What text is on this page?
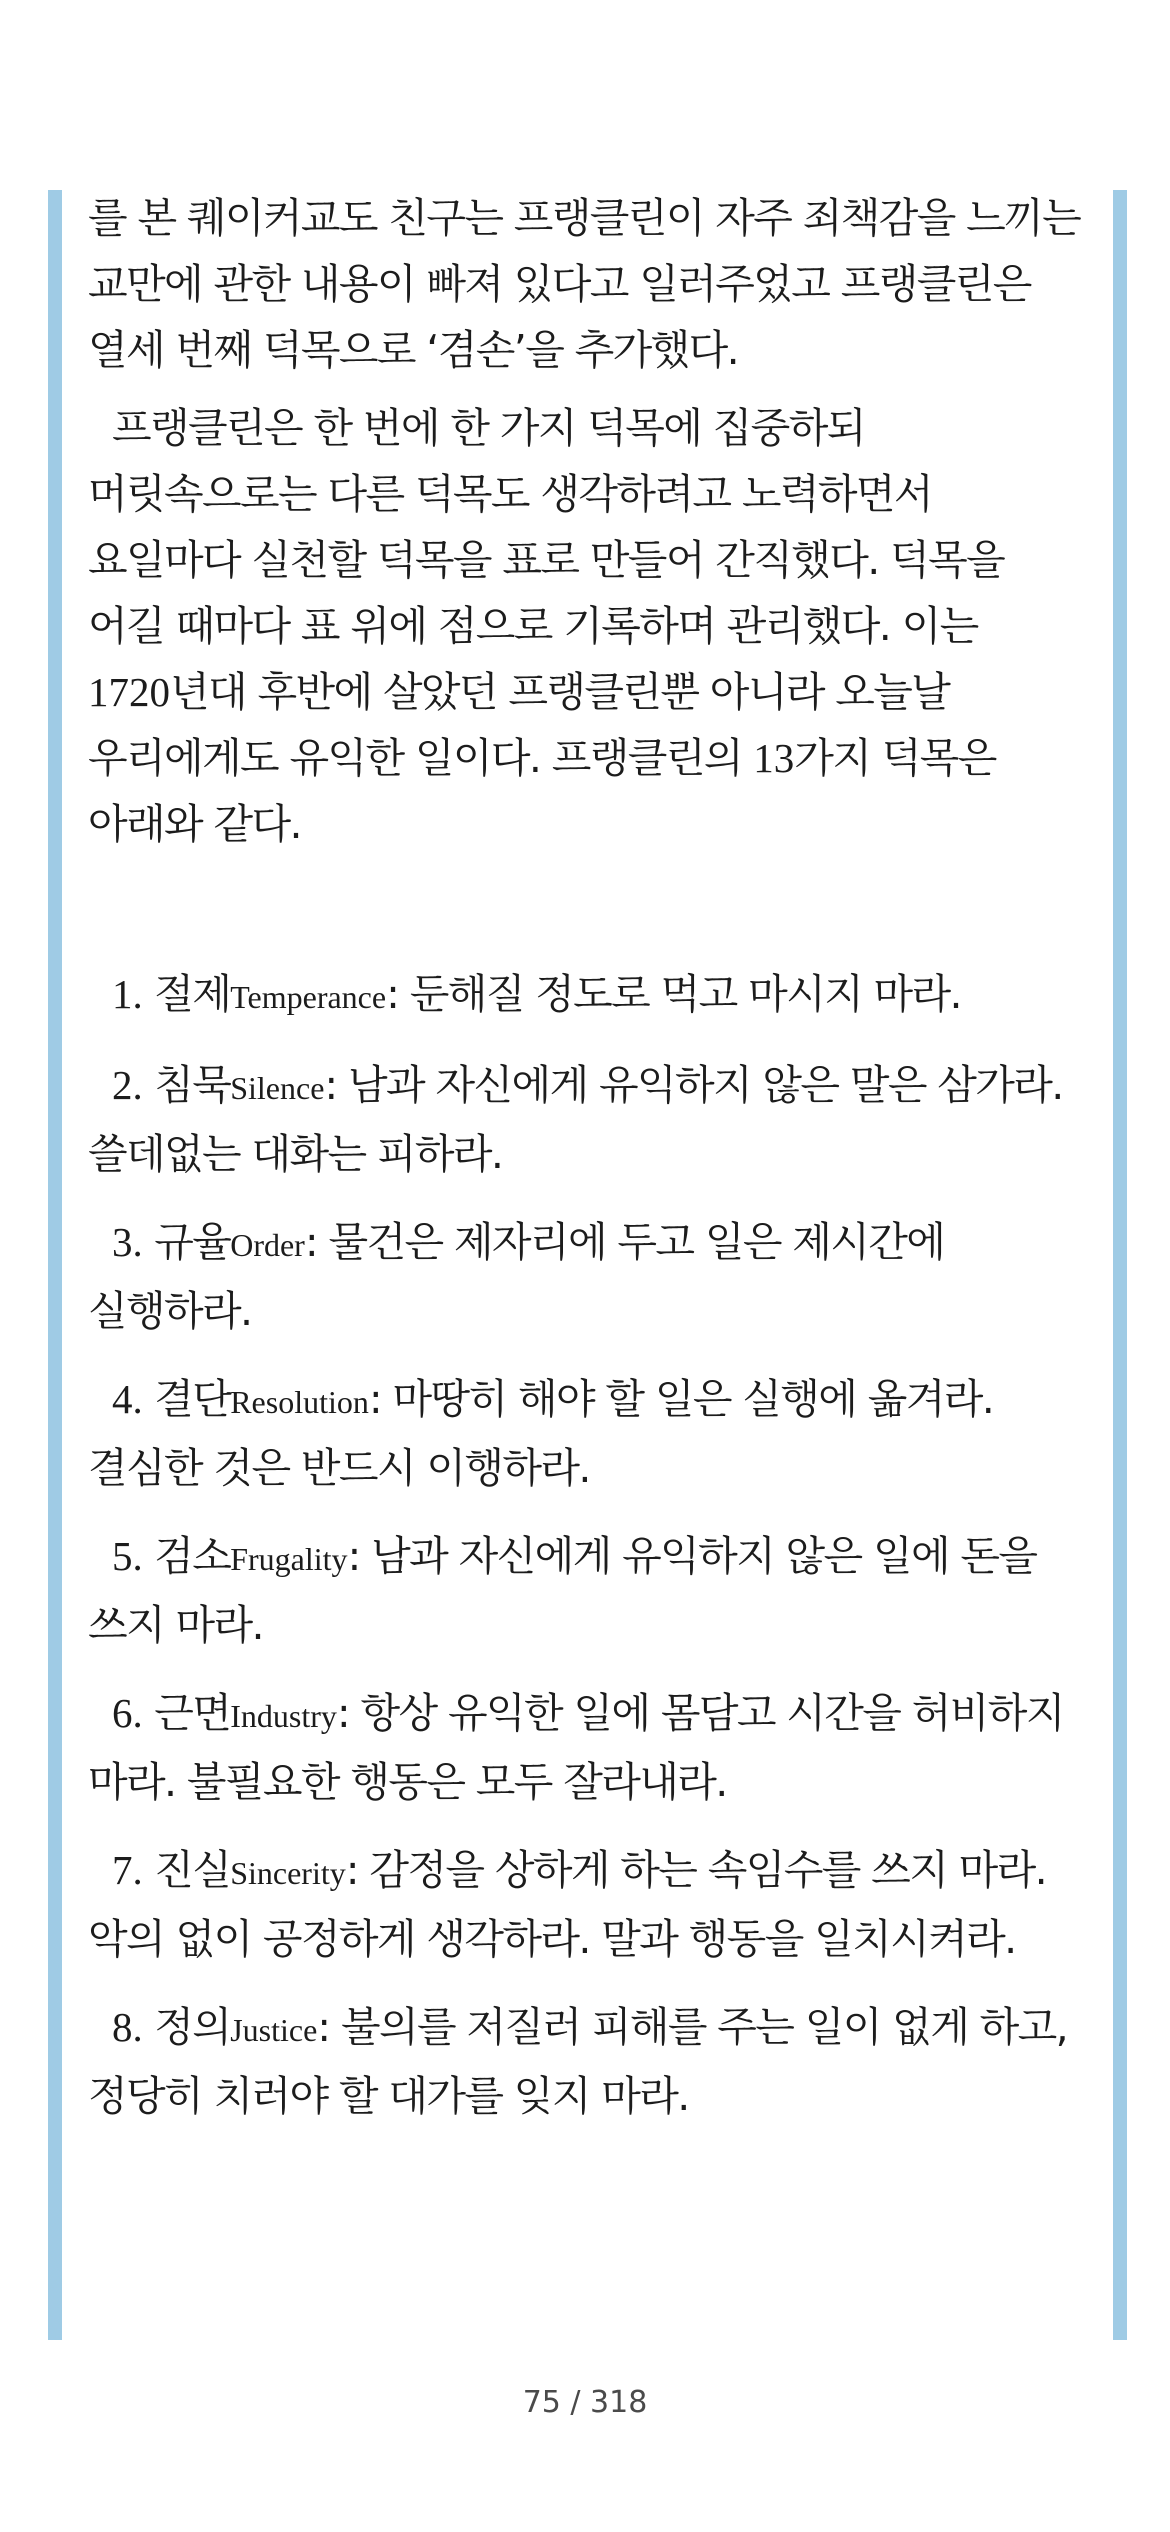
를 본 퀘이커교도 친구는 프랭클린이 자주 죄책감을 느끼는 교만에 관한 내용이 빠져 있다고 일러주었고 프랭클린은 열세 번째 덕목으로 ‘겸손’을 추가했다.

프랭클린은 한 번에 한 가지 덕목에 집중하되 머릿속으로는 다른 덕목도 생각하려고 노력하면서 요일마다 실천할 덕목을 표로 만들어 간직했다. 덕목을 어길 때마다 표 위에 점으로 기록하며 관리했다. 이는 1720년대 후반에 살았던 프랭클린뿐 아니라 오늘날 우리에게도 유익한 일이다. 프랭클린의 13가지 덕목은 아래와 같다.

1. 절제Temperance: 둔해질 정도로 먹고 마시지 마라.

2. 침묵Silence: 남과 자신에게 유익하지 않은 말은 삼가라. 쓸데없는 대화는 피하라.

3. 규율Order: 물건은 제자리에 두고 일은 제시간에 실행하라.

4. 결단Resolution: 마땅히 해야 할 일은 실행에 옮겨라. 결심한 것은 반드시 이행하라.

5. 검소Frugality: 남과 자신에게 유익하지 않은 일에 돈을 쓰지 마라.

6. 근면Industry: 항상 유익한 일에 몸담고 시간을 허비하지 마라. 불필요한 행동은 모두 잘라내라.

7. 진실Sincerity: 감정을 상하게 하는 속임수를 쓰지 마라. 악의 없이 공정하게 생각하라. 말과 행동을 일치시켜라.

8. 정의Justice: 불의를 저질러 피해를 주는 일이 없게 하고, 정당히 치러야 할 대가를 잊지 마라.

75 / 318
